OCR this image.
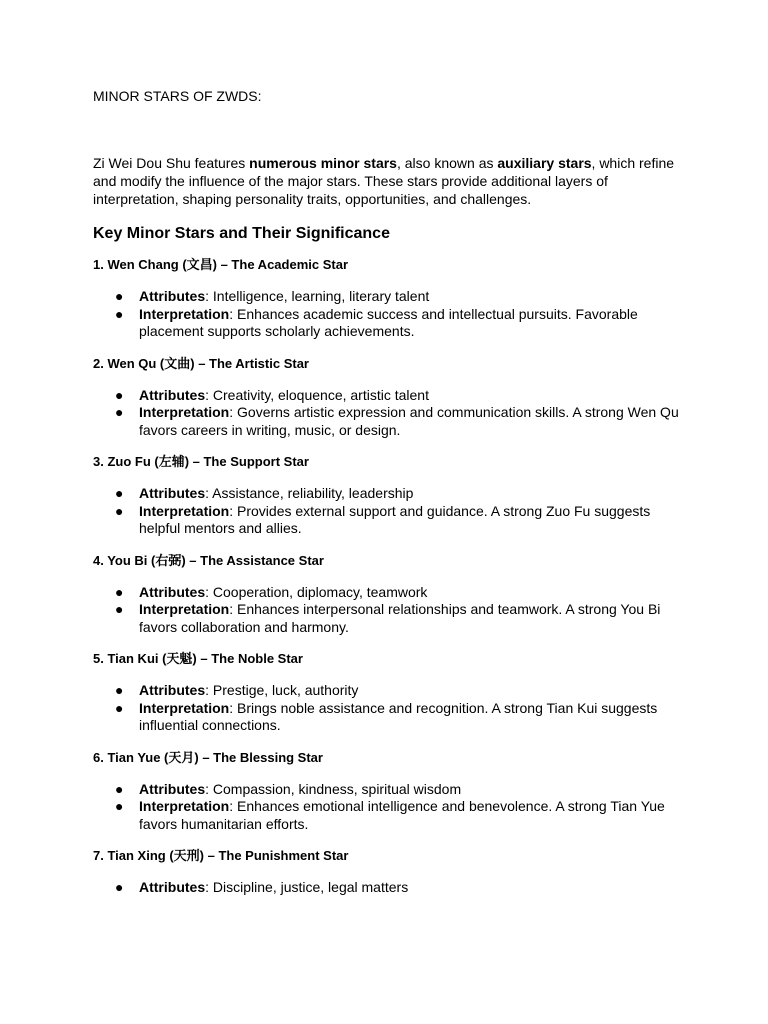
MINOR STARS OF ZWDS:

Zi Wei Dou Shu features numerous minor stars, also known as auxiliary stars, which refine and modify the influence of the major stars. These stars provide additional layers of interpretation, shaping personality traits, opportunities, and challenges.

Key Minor Stars and Their Significance
1. Wen Chang (文昌) – The Academic Star
● Attributes: Intelligence, learning, literary talent
● Interpretation: Enhances academic success and intellectual pursuits. Favorable placement supports scholarly achievements.
2. Wen Qu (文曲) – The Artistic Star
● Attributes: Creativity, eloquence, artistic talent
● Interpretation: Governs artistic expression and communication skills. A strong Wen Qu favors careers in writing, music, or design.
3. Zuo Fu (左辅) – The Support Star
● Attributes: Assistance, reliability, leadership
● Interpretation: Provides external support and guidance. A strong Zuo Fu suggests helpful mentors and allies.
4. You Bi (右弼) – The Assistance Star
● Attributes: Cooperation, diplomacy, teamwork
● Interpretation: Enhances interpersonal relationships and teamwork. A strong You Bi favors collaboration and harmony.
5. Tian Kui (天魁) – The Noble Star
● Attributes: Prestige, luck, authority
● Interpretation: Brings noble assistance and recognition. A strong Tian Kui suggests influential connections.
6. Tian Yue (天月) – The Blessing Star
● Attributes: Compassion, kindness, spiritual wisdom
● Interpretation: Enhances emotional intelligence and benevolence. A strong Tian Yue favors humanitarian efforts.
7. Tian Xing (天刑) – The Punishment Star
● Attributes: Discipline, justice, legal matters
